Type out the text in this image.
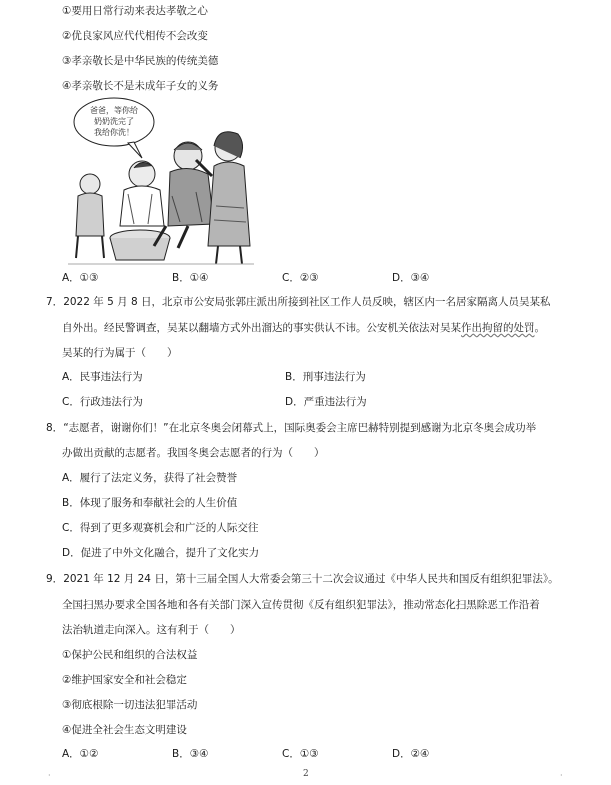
①要用日常行动来表达孝敬之心
②优良家风应代代相传不会改变
③孝亲敬长是中华民族的传统美德
④孝亲敬长不是未成年子女的义务
爸爸，等你给
奶奶洗完了
我给你洗！
A．①③	B．①④	C．②③	D．③④
7．2022 年 5 月 8 日，北京市公安局张郭庄派出所接到社区工作人员反映，辖区内一名居家隔离人员吴某私
自外出。经民警调查，吴某以翻墙方式外出溜达的事实供认不讳。公安机关依法对吴某作出拘留的处罚。
吴某的行为属于（　　）
A．民事违法行为	B．刑事违法行为
C．行政违法行为	D．严重违法行为
8．“志愿者，谢谢你们！”在北京冬奥会闭幕式上，国际奥委会主席巴赫特别提到感谢为北京冬奥会成功举
办做出贡献的志愿者。我国冬奥会志愿者的行为（　　）
A．履行了法定义务，获得了社会赞誉
B．体现了服务和奉献社会的人生价值
C．得到了更多观赛机会和广泛的人际交往
D．促进了中外文化融合，提升了文化实力
9．2021 年 12 月 24 日，第十三届全国人大常委会第三十二次会议通过《中华人民共和国反有组织犯罪法》。
全国扫黑办要求全国各地和各有关部门深入宣传贯彻《反有组织犯罪法》，推动常态化扫黑除恶工作沿着
法治轨道走向深入。这有利于（　　）
①保护公民和组织的合法权益
②维护国家安全和社会稳定
③彻底根除一切违法犯罪活动
④促进全社会生态文明建设
A．①②	B．③④	C．①③	D．②④
2
·	·
